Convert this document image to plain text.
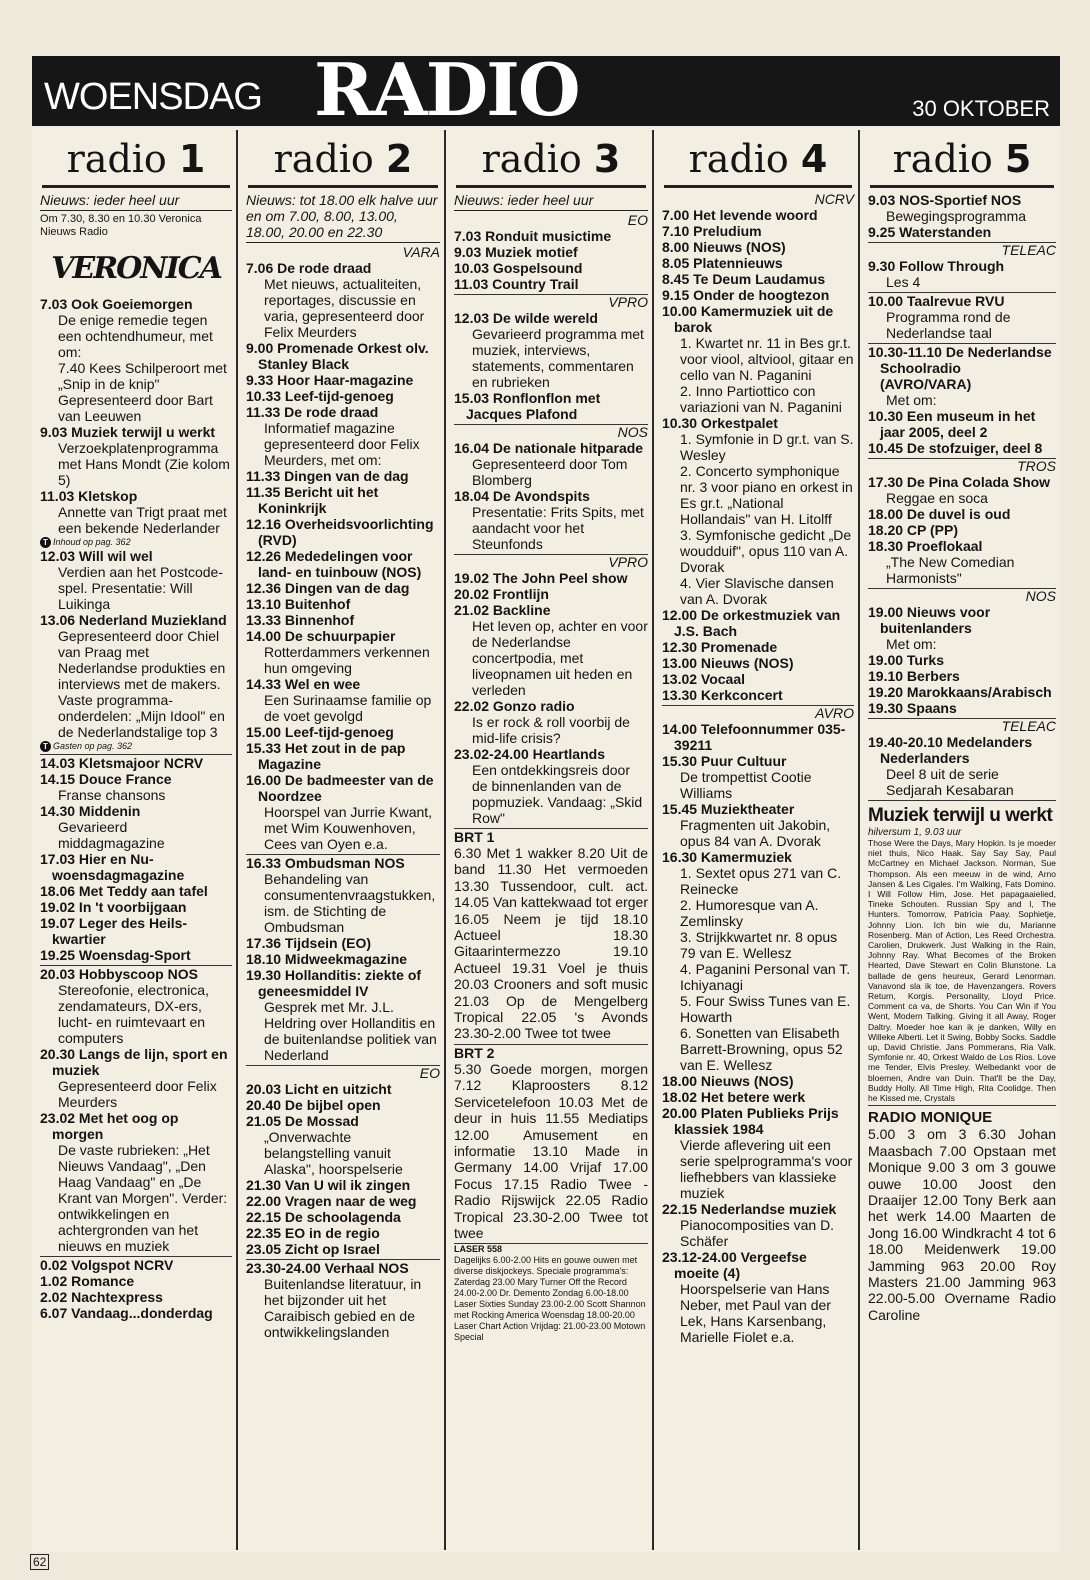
WOENSDAG RADIO	30 OKTOBER
radio 1
Nieuws: ieder heel uur
Om 7.30, 8.30 en 10.30 Veronica Nieuws Radio
VERONICA
7.03 Ook Goeiemorgen
De enige remedie tegen een ochtendhumeur, met om:
7.40 Kees Schilperoort met „Snip in de knip" Gepresenteerd door Bart van Leeuwen
9.03 Muziek terwijl u werkt
Verzoekplatenprogramma met Hans Mondt (Zie kolom 5)
11.03 Kletskop
Annette van Trigt praat met een bekende Nederlander
T Inhoud op pag. 362
12.03 Will wil wel
Verdien aan het Postcode-spel. Presentatie: Will Luikinga
13.06 Nederland Muziekland
Gepresenteerd door Chiel van Praag met Nederlandse produkties en interviews met de makers. Vaste programma-onderdelen: „Mijn Idool" en de Nederlandstalige top 3
T Gasten op pag. 362
14.03 Kletsmajoor NCRV
14.15 Douce France
Franse chansons
14.30 Middenin
Gevarieerd middagmagazine
17.03 Hier en Nu-woensdagmagazine
18.06 Met Teddy aan tafel
19.02 In 't voorbijgaan
19.07 Leger des Heils-kwartier
19.25 Woensdag-Sport
20.03 Hobbyscoop NOS
Stereofonie, electronica, zendamateurs, DX-ers, lucht- en ruimtevaart en computers
20.30 Langs de lijn, sport en muziek
Gepresenteerd door Felix Meurders
23.02 Met het oog op morgen
De vaste rubrieken: „Het Nieuws Vandaag", „Den Haag Vandaag" en „De Krant van Morgen". Verder: ontwikkelingen en achtergronden van het nieuws en muziek
0.02 Volgspot NCRV
1.02 Romance
2.02 Nachtexpress
6.07 Vandaag...donderdag
radio 2
Nieuws: tot 18.00 elk halve uur en om 7.00, 8.00, 13.00, 18.00, 20.00 en 22.30
VARA
7.06 De rode draad
Met nieuws, actualiteiten, reportages, discussie en varia, gepresenteerd door Felix Meurders
9.00 Promenade Orkest olv. Stanley Black
9.33 Hoor Haar-magazine
10.33 Leef-tijd-genoeg
11.33 De rode draad
Informatief magazine gepresenteerd door Felix Meurders, met om:
11.33 Dingen van de dag
11.35 Bericht uit het Koninkrijk
12.16 Overheidsvoorlichting (RVD)
12.26 Mededelingen voor land- en tuinbouw (NOS)
12.36 Dingen van de dag
13.10 Buitenhof
13.33 Binnenhof
14.00 De schuurpapier
Rotterdammers verkennen hun omgeving
14.33 Wel en wee
Een Surinaamse familie op de voet gevolgd
15.00 Leef-tijd-genoeg
15.33 Het zout in de pap Magazine
16.00 De badmeester van de Noordzee
Hoorspel van Jurrie Kwant, met Wim Kouwenhoven, Cees van Oyen e.a.
16.33 Ombudsman NOS
Behandeling van consumentenvraagstukken, ism. de Stichting de Ombudsman
17.36 Tijdsein (EO)
18.10 Midweekmagazine
19.30 Hollanditis: ziekte of geneesmiddel IV
Gesprek met Mr. J.L. Heldring over Hollanditis en de buitenlandse politiek van Nederland
EO
20.03 Licht en uitzicht
20.40 De bijbel open
21.05 De Mossad
„Onverwachte belangstelling vanuit Alaska", hoorspelserie
21.30 Van U wil ik zingen
22.00 Vragen naar de weg
22.15 De schoolagenda
22.35 EO in de regio
23.05 Zicht op Israel
23.30-24.00 Verhaal NOS
Buitenlandse literatuur, in het bijzonder uit het Caraibisch gebied en de ontwikkelingslanden
radio 3
Nieuws: ieder heel uur
EO
7.03 Ronduit musictime
9.03 Muziek motief
10.03 Gospelsound
11.03 Country Trail
VPRO
12.03 De wilde wereld
Gevarieerd programma met muziek, interviews, statements, commentaren en rubrieken
15.03 Ronflonflon met Jacques Plafond
NOS
16.04 De nationale hitparade
Gepresenteerd door Tom Blomberg
18.04 De Avondspits
Presentatie: Frits Spits, met aandacht voor het Steunfonds
VPRO
19.02 The John Peel show
20.02 Frontlijn
21.02 Backline
Het leven op, achter en voor de Nederlandse concertpodia, met liveopnamen uit heden en verleden
22.02 Gonzo radio
Is er rock & roll voorbij de mid-life crisis?
23.02-24.00 Heartlands
Een ontdekkingsreis door de binnenlanden van de popmuziek. Vandaag: „Skid Row"
BRT 1
6.30 Met 1 wakker 8.20 Uit de band 11.30 Het vermoeden 13.30 Tussendoor, cult. act. 14.05 Van kattekwaad tot erger 16.05 Neem je tijd 18.10 Actueel 18.30 Gitaarintermezzo 19.10 Actueel 19.31 Voel je thuis 20.03 Crooners and soft music 21.03 Op de Mengelberg Tropical 22.05 's Avonds 23.30-2.00 Twee tot twee
BRT 2
5.30 Goede morgen, morgen 7.12 Klaproosters 8.12 Servicetelefoon 10.03 Met de deur in huis 11.55 Mediatips 12.00 Amusement en informatie 13.10 Made in Germany 14.00 Vrijaf 17.00 Focus 17.15 Radio Twee - Radio Rijswijck 22.05 Radio Tropical 23.30-2.00 Twee tot twee
LASER 558
Dagelijks 6.00-2.00 Hits en gouwe ouwen met diverse diskjockeys. Speciale programma's: Zaterdag 23.00 Mary Turner Off the Record 24.00-2.00 Dr. Demento Zondag 6.00-18.00 Laser Sixties Sunday 23.00-2.00 Scott Shannon met Rocking America Woensdag 18.00-20.00 Laser Chart Action Vrijdag: 21.00-23.00 Motown Special
radio 4
NCRV
7.00 Het levende woord
7.10 Preludium
8.00 Nieuws (NOS)
8.05 Platennieuws
8.45 Te Deum Laudamus
9.15 Onder de hoogtezon
10.00 Kamermuziek uit de barok
1. Kwartet nr. 11 in Bes gr.t. voor viool, altviool, gitaar en cello van N. Paganini
2. Inno Partiottico con variazioni van N. Paganini
10.30 Orkestpalet
1. Symfonie in D gr.t. van S. Wesley
2. Concerto symphonique nr. 3 voor piano en orkest in Es gr.t. „National Hollandais" van H. Litolff
3. Symfonische gedicht „De woudduif", opus 110 van A. Dvorak
4. Vier Slavische dansen van A. Dvorak
12.00 De orkestmuziek van J.S. Bach
12.30 Promenade
13.00 Nieuws (NOS)
13.02 Vocaal
13.30 Kerkconcert
AVRO
14.00 Telefoonnummer 035-39211
15.30 Puur Cultuur
De trompettist Cootie Williams
15.45 Muziektheater
Fragmenten uit Jakobin, opus 84 van A. Dvorak
16.30 Kamermuziek
1. Sextet opus 271 van C. Reinecke
2. Humoresque van A. Zemlinsky
3. Strijkkwartet nr. 8 opus 79 van E. Wellesz
4. Paganini Personal van T. Ichiyanagi
5. Four Swiss Tunes van E. Howarth
6. Sonetten van Elisabeth Barrett-Browning, opus 52 van E. Wellesz
18.00 Nieuws (NOS)
18.02 Het betere werk
20.00 Platen Publieks Prijs klassiek 1984
Vierde aflevering uit een serie spelprogramma's voor liefhebbers van klassieke muziek
22.15 Nederlandse muziek
Pianocomposities van D. Schäfer
23.12-24.00 Vergeefse moeite (4)
Hoorspelserie van Hans Neber, met Paul van der Lek, Hans Karsenbang, Marielle Fiolet e.a.
radio 5
9.03 NOS-Sportief NOS
Bewegingsprogramma
9.25 Waterstanden
TELEAC
9.30 Follow Through
Les 4
10.00 Taalrevue RVU
Programma rond de Nederlandse taal
10.30-11.10 De Nederlandse Schoolradio (AVRO/VARA)
Met om:
10.30 Een museum in het jaar 2005, deel 2
10.45 De stofzuiger, deel 8
TROS
17.30 De Pina Colada Show
Reggae en soca
18.00 De duvel is oud
18.20 CP (PP)
18.30 Proeflokaal
„The New Comedian Harmonists"
NOS
19.00 Nieuws voor buitenlanders
Met om:
19.00 Turks
19.10 Berbers
19.20 Marokkaans/Arabisch
19.30 Spaans
TELEAC
19.40-20.10 Medelanders Nederlanders
Deel 8 uit de serie Sedjarah Kesabaran
Muziek terwijl u werkt
hilversum 1, 9.03 uur
Those Were the Days, Mary Hopkin. Is je moeder niet thuis, Nico Haak. Say Say Say, Paul McCartney en Michael Jackson. Norman, Sue Thompson. Als een meeuw in de wind, Arno Jansen & Les Cigales. I'm Walking, Fats Domino. I Will Follow Him, Jose. Het papagaaielied, Tineke Schouten. Russian Spy and I, The Hunters. Tomorrow, Patricia Paay. Sophietje, Johnny Lion. Ich bin wie du, Marianne Rosenberg. Man of Action, Les Reed Orchestra. Carolien, Drukwerk. Just Walking in the Rain, Johnny Ray. What Becomes of the Broken Hearted, Dave Stewart en Colin Blunstone. La ballade de gens heureux, Gerard Lenorman. Vanavond sla ik toe, de Havenzangers. Rovers Return, Korgis. Personality, Lloyd Price. Comment ca va, de Shorts. You Can Win if You Went, Modern Talking. Giving it all Away, Roger Daltry. Moeder hoe kan ik je danken, Willy en Willeke Alberti. Let it Swing, Bobby Socks. Saddle up, David Christie. Jans Pommerans, Ria Valk. Symfonie nr. 40, Orkest Waldo de Los Rios. Love me Tender, Elvis Presley. Welbedankt voor de bloemen, Andre van Duin. That'll be the Day, Buddy Holly. All Time High, Rita Coolidge. Then he Kissed me, Crystals
RADIO MONIQUE
5.00 3 om 3 6.30 Johan Maasbach 7.00 Opstaan met Monique 9.00 3 om 3 gouwe ouwe 10.00 Joost den Draaijer 12.00 Tony Berk aan het werk 14.00 Maarten de Jong 16.00 Windkracht 4 tot 6 18.00 Meidenwerk 19.00 Jamming 963 20.00 Roy Masters 21.00 Jamming 963 22.00-5.00 Overname Radio Caroline
62
